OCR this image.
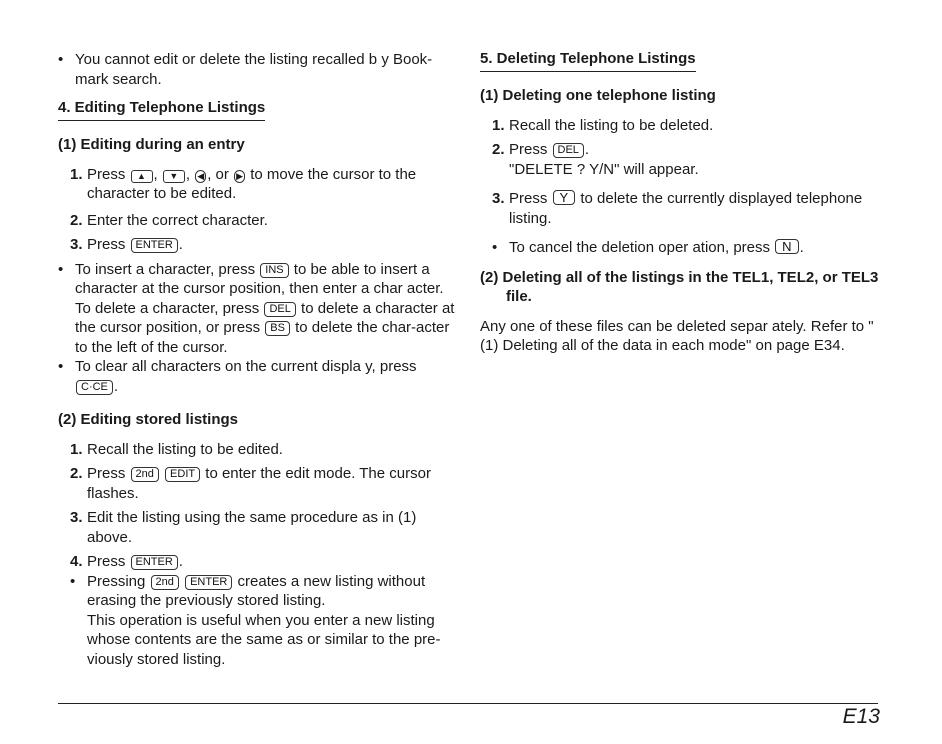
• You cannot edit or delete the listing recalled b y Book-mark search.

4. Editing Telephone Listings

(1) Editing during an entry

1. Press ▲ , ▼ , ◀ , or ▶ to move the cursor to the character to be edited.

2. Enter the correct character.

3. Press ENTER .

• To insert a character, press INS to be able to insert a character at the cursor position, then enter a char acter. To delete a character, press DEL to delete a character at the cursor position, or press BS to delete the char-acter to the left of the cursor.

• To clear all characters on the current displa y, press C·CE .

(2) Editing stored listings

1. Recall the listing to be edited.

2. Press 2nd EDIT to enter the edit mode. The cursor flashes.

3. Edit the listing using the same procedure as in (1) above.

4. Press ENTER .

• Pressing 2nd ENTER creates a new listing without erasing the previously stored listing.
This operation is useful when you enter a new listing whose contents are the same as or similar to the pre-viously stored listing.

5. Deleting Telephone Listings

(1) Deleting one telephone listing

1. Recall the listing to be deleted.

2. Press DEL .
"DELETE ? Y/N" will appear.

3. Press Y to delete the currently displayed telephone listing.

• To cancel the deletion oper ation, press N .

(2) Deleting all of the listings in the TEL1, TEL2, or TEL3 file.

Any one of these files can be deleted separ ately. Refer to "(1) Deleting all of the data in each mode" on page E34.

E13
